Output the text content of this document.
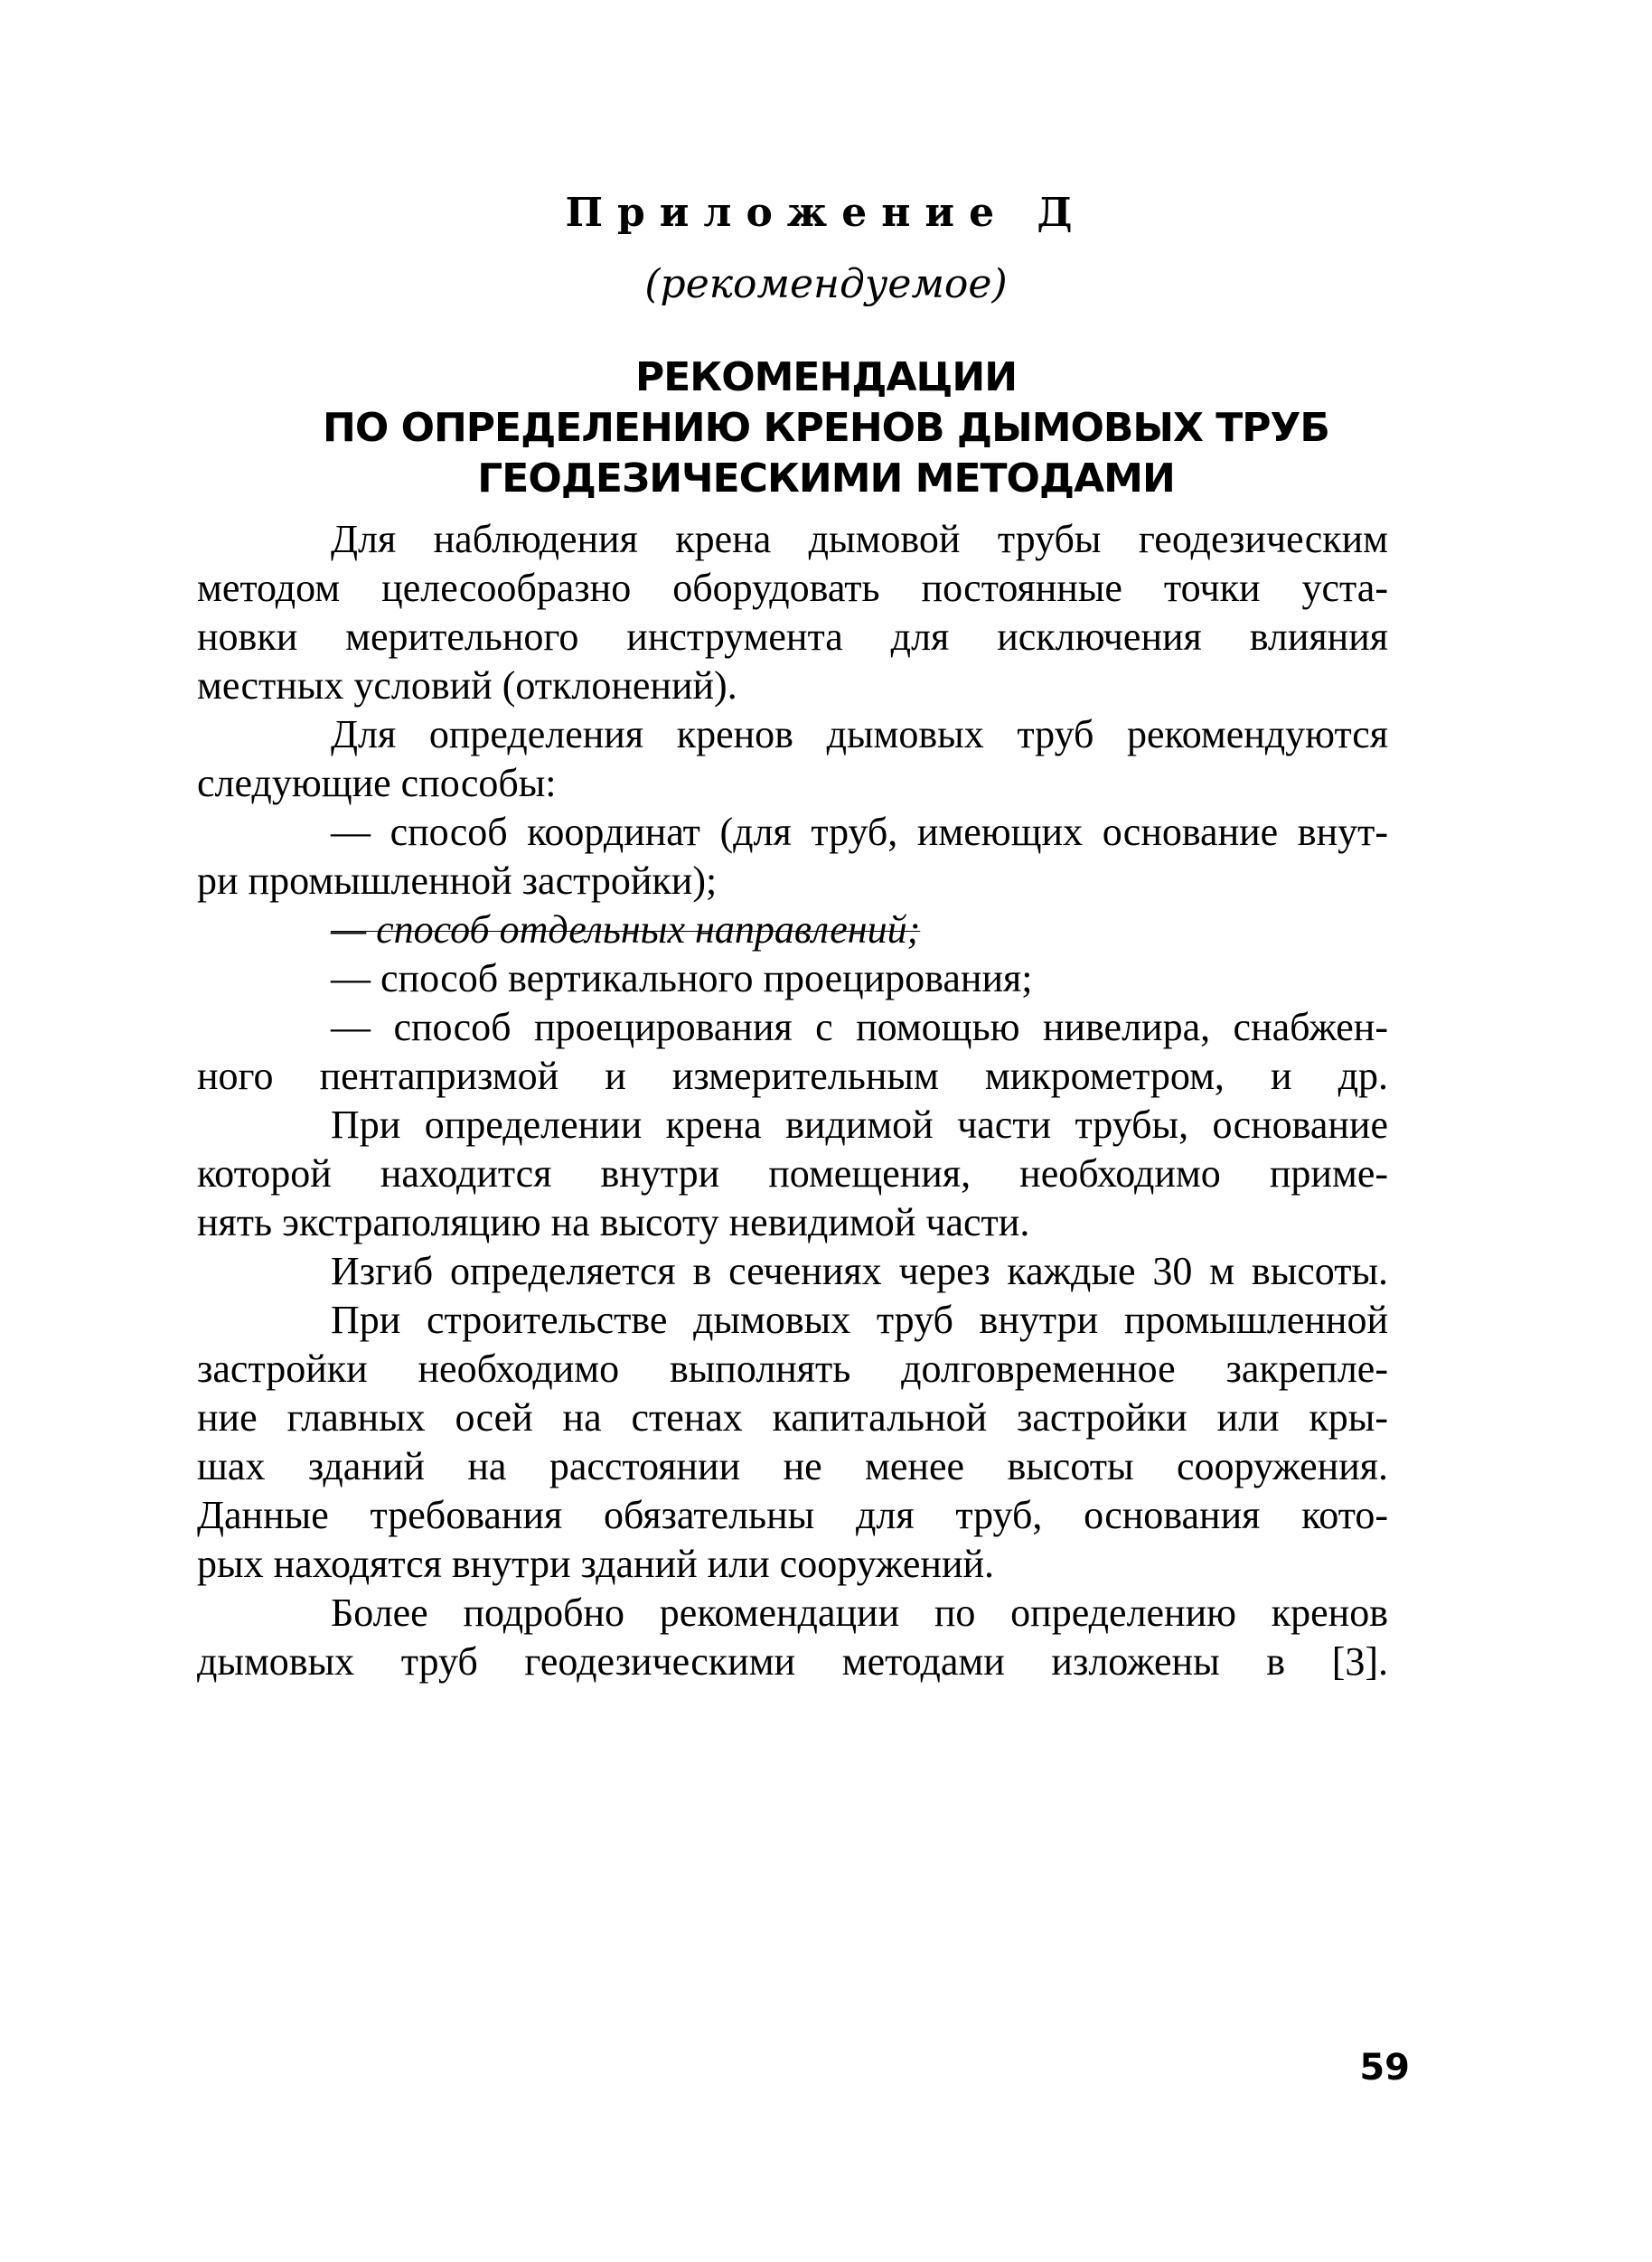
Приложение Д
(рекомендуемое)
РЕКОМЕНДАЦИИ
ПО ОПРЕДЕЛЕНИЮ КРЕНОВ ДЫМОВЫХ ТРУБ
ГЕОДЕЗИЧЕСКИМИ МЕТОДАМИ

Для наблюдения крена дымовой трубы геодезическим
методом целесообразно оборудовать постоянные точки уста-
новки мерительного инструмента для исключения влияния
местных условий (отклонений).

Для определения кренов дымовых труб рекомендуются
следующие способы:

— способ координат (для труб, имеющих основание внут-
ри промышленной застройки);

— способ отдельных направлений;

— способ вертикального проецирования;

— способ проецирования с помощью нивелира, снабжен-
ного пентапризмой и измерительным микрометром, и др.

При определении крена видимой части трубы, основание
которой находится внутри помещения, необходимо приме-
нять экстраполяцию на высоту невидимой части.

Изгиб определяется в сечениях через каждые 30 м высоты.

При строительстве дымовых труб внутри промышленной
застройки необходимо выполнять долговременное закрепле-
ние главных осей на стенах капитальной застройки или кры-
шах зданий на расстоянии не менее высоты сооружения.
Данные требования обязательны для труб, основания кото-
рых находятся внутри зданий или сооружений.

Более подробно рекомендации по определению кренов
дымовых труб геодезическими методами изложены в [3].

59
